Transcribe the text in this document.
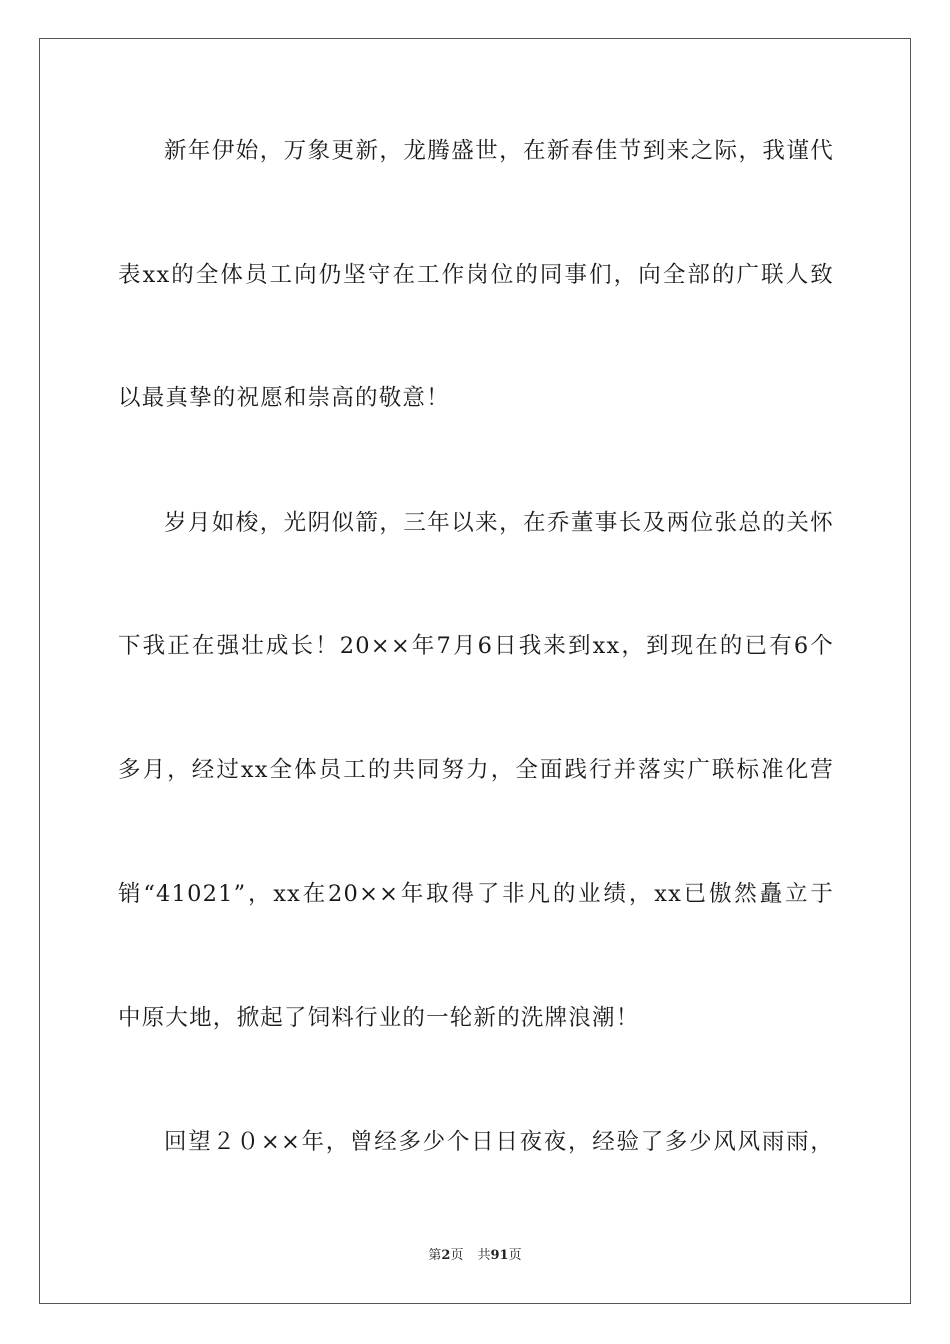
新年伊始，万象更新，龙腾盛世，在新春佳节到来之际，我谨代
表xx的全体员工向仍坚守在工作岗位的同事们，向全部的广联人致
以最真挚的祝愿和崇高的敬意！
岁月如梭，光阴似箭，三年以来，在乔董事长及两位张总的关怀
下我正在强壮成长！20××年7月6日我来到xx，到现在的已有6个
多月，经过xx全体员工的共同努力，全面践行并落实广联标准化营
销“41021”，xx在20××年取得了非凡的业绩，xx已傲然矗立于
中原大地，掀起了饲料行业的一轮新的洗牌浪潮！
回望２０××年，曾经多少个日日夜夜，经验了多少风风雨雨，
第2页 共91页
